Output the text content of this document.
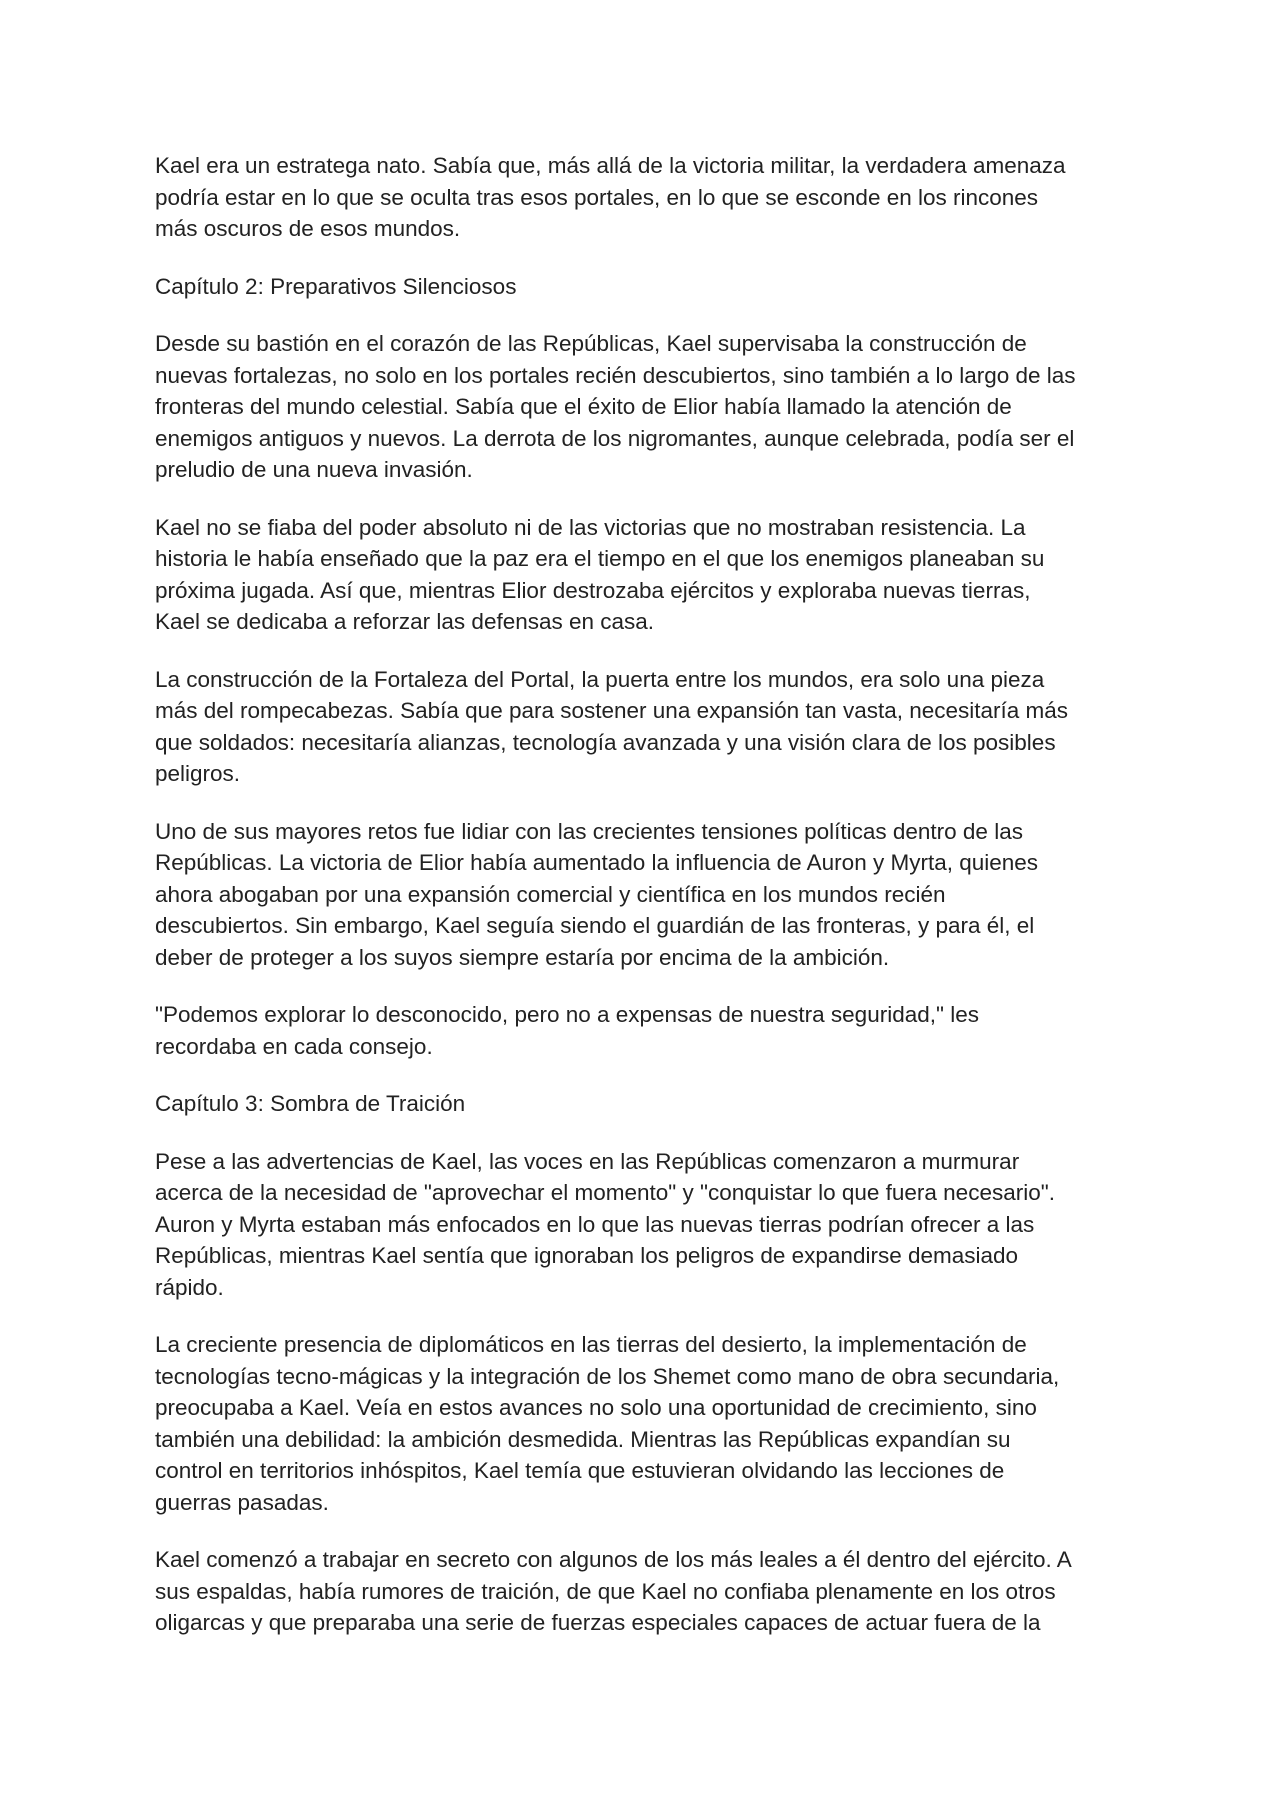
Kael era un estratega nato. Sabía que, más allá de la victoria militar, la verdadera amenaza
podría estar en lo que se oculta tras esos portales, en lo que se esconde en los rincones
más oscuros de esos mundos.
Capítulo 2: Preparativos Silenciosos
Desde su bastión en el corazón de las Repúblicas, Kael supervisaba la construcción de
nuevas fortalezas, no solo en los portales recién descubiertos, sino también a lo largo de las
fronteras del mundo celestial. Sabía que el éxito de Elior había llamado la atención de
enemigos antiguos y nuevos. La derrota de los nigromantes, aunque celebrada, podía ser el
preludio de una nueva invasión.
Kael no se fiaba del poder absoluto ni de las victorias que no mostraban resistencia. La
historia le había enseñado que la paz era el tiempo en el que los enemigos planeaban su
próxima jugada. Así que, mientras Elior destrozaba ejércitos y exploraba nuevas tierras,
Kael se dedicaba a reforzar las defensas en casa.
La construcción de la Fortaleza del Portal, la puerta entre los mundos, era solo una pieza
más del rompecabezas. Sabía que para sostener una expansión tan vasta, necesitaría más
que soldados: necesitaría alianzas, tecnología avanzada y una visión clara de los posibles
peligros.
Uno de sus mayores retos fue lidiar con las crecientes tensiones políticas dentro de las
Repúblicas. La victoria de Elior había aumentado la influencia de Auron y Myrta, quienes
ahora abogaban por una expansión comercial y científica en los mundos recién
descubiertos. Sin embargo, Kael seguía siendo el guardián de las fronteras, y para él, el
deber de proteger a los suyos siempre estaría por encima de la ambición.
"Podemos explorar lo desconocido, pero no a expensas de nuestra seguridad," les
recordaba en cada consejo.
Capítulo 3: Sombra de Traición
Pese a las advertencias de Kael, las voces en las Repúblicas comenzaron a murmurar
acerca de la necesidad de "aprovechar el momento" y "conquistar lo que fuera necesario".
Auron y Myrta estaban más enfocados en lo que las nuevas tierras podrían ofrecer a las
Repúblicas, mientras Kael sentía que ignoraban los peligros de expandirse demasiado
rápido.
La creciente presencia de diplomáticos en las tierras del desierto, la implementación de
tecnologías tecno-mágicas y la integración de los Shemet como mano de obra secundaria,
preocupaba a Kael. Veía en estos avances no solo una oportunidad de crecimiento, sino
también una debilidad: la ambición desmedida. Mientras las Repúblicas expandían su
control en territorios inhóspitos, Kael temía que estuvieran olvidando las lecciones de
guerras pasadas.
Kael comenzó a trabajar en secreto con algunos de los más leales a él dentro del ejército. A
sus espaldas, había rumores de traición, de que Kael no confiaba plenamente en los otros
oligarcas y que preparaba una serie de fuerzas especiales capaces de actuar fuera de la
